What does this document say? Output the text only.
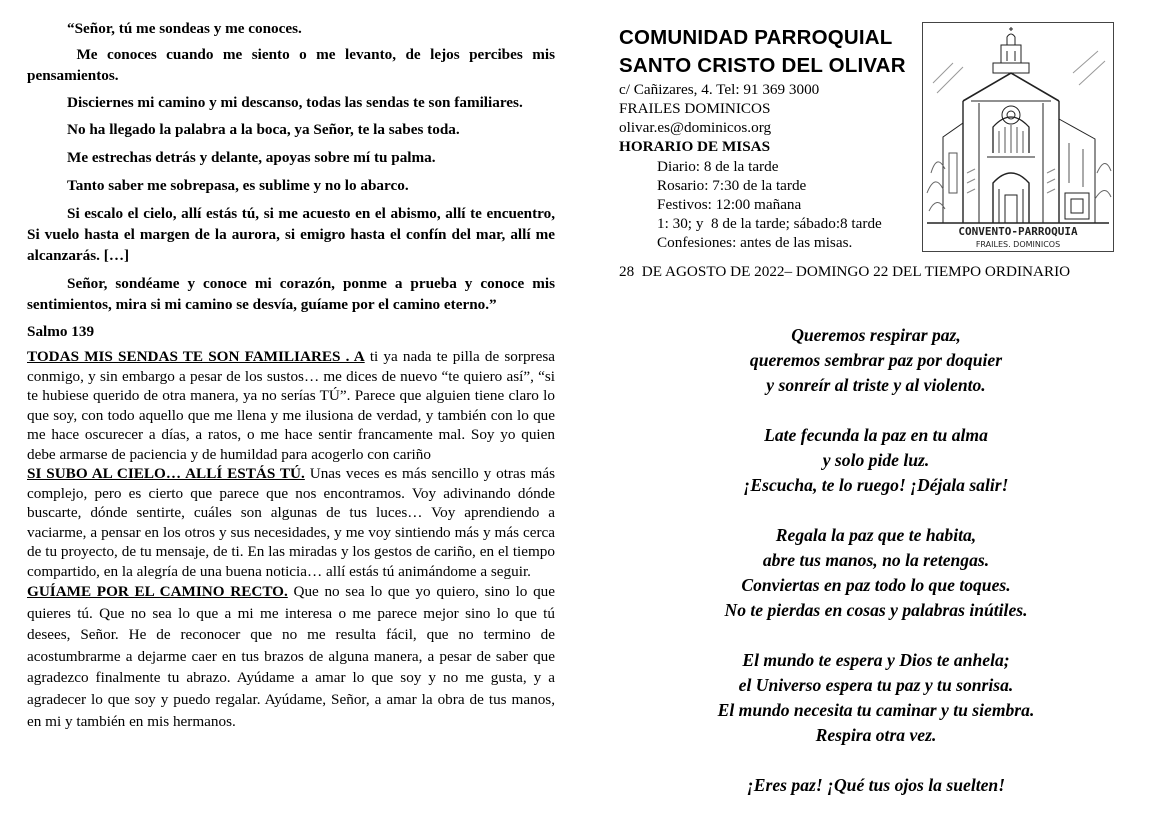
“Señor, tú me sondeas y me conoces.

Me conoces cuando me siento o me levanto, de lejos percibes mis pensamientos.

Disciernes mi camino y mi descanso, todas las sendas te son familiares.

No ha llegado la palabra a la boca, ya Señor, te la sabes toda.

Me estrechas detrás y delante, apoyas sobre mí tu palma.

Tanto saber me sobrepasa, es sublime y no lo abarco.

Si escalo el cielo, allí estás tú, si me acuesto en el abismo, allí te encuentro, Si vuelo hasta el margen de la aurora, si emigro hasta el confín del mar, allí me alcanzarás. […]

Señor, sondéame y conoce mi corazón, ponme a prueba y conoce mis sentimientos, mira si mi camino se desvía, guíame por el camino eterno.”

Salmo 139

TODAS MIS SENDAS TE SON FAMILIARES . A ti ya nada te pilla de sorpresa conmigo, y sin embargo a pesar de los sustos… me dices de nuevo “te quiero así”, “si te hubiese querido de otra manera, ya no serías TÚ”. Parece que alguien tiene claro lo que soy, con todo aquello que me llena y me ilusiona de verdad, y también con lo que me hace oscurecer a días, a ratos, o me hace sentir francamente mal. Soy yo quien debe armarse de paciencia y de humildad para acogerlo con cariño

SI SUBO AL CIELO… ALLÍ ESTÁS TÚ. Unas veces es más sencillo y otras más complejo, pero es cierto que parece que nos encontramos. Voy adivinando dónde buscarte, dónde sentirte, cuáles son algunas de tus luces… Voy aprendiendo a vaciarme, a pensar en los otros y sus necesidades, y me voy sintiendo más y más cerca de tu proyecto, de tu mensaje, de ti. En las miradas y los gestos de cariño, en el tiempo compartido, en la alegría de una buena noticia… allí estás tú animándome a seguir.

GUÍAME POR EL CAMINO RECTO. Que no sea lo que yo quiero, sino lo que quieres tú. Que no sea lo que a mi me interesa o me parece mejor sino lo que tú desees, Señor. He de reconocer que no me resulta fácil, que no termino de acostumbrarme a dejarme caer en tus brazos de alguna manera, a pesar de saber que agradezco finalmente tu abrazo. Ayúdame a amar lo que soy y no me gusta, y a agradecer lo que soy y puedo regalar. Ayúdame, Señor, a amar la obra de tus manos, en mi y también en mis hermanos.

COMUNIDAD PARROQUIAL
SANTO CRISTO DEL OLIVAR
c/ Cañizares, 4. Tel: 91 369 3000
FRAILES DOMINICOS
olivar.es@dominicos.org
HORARIO DE MISAS
Diario: 8 de la tarde
Rosario: 7:30 de la tarde
Festivos: 12:00 mañana
1: 30; y  8 de la tarde; sábado:8 tarde
Confesiones: antes de las misas.
CONVENTO-PARROQUIA
FRAILES. DOMINICOS
28  DE AGOSTO DE 2022– DOMINGO 22 DEL TIEMPO ORDINARIO
Queremos respirar paz,
queremos sembrar paz por doquier
y sonreír al triste y al violento.
Late fecunda la paz en tu alma
y solo pide luz.
¡Escucha, te lo ruego! ¡Déjala salir!
Regala la paz que te habita,
abre tus manos, no la retengas.
Conviertas en paz todo lo que toques.
No te pierdas en cosas y palabras inútiles.
El mundo te espera y Dios te anhela;
el Universo espera tu paz y tu sonrisa.
El mundo necesita tu caminar y tu siembra.
Respira otra vez.
¡Eres paz! ¡Qué tus ojos la suelten!
